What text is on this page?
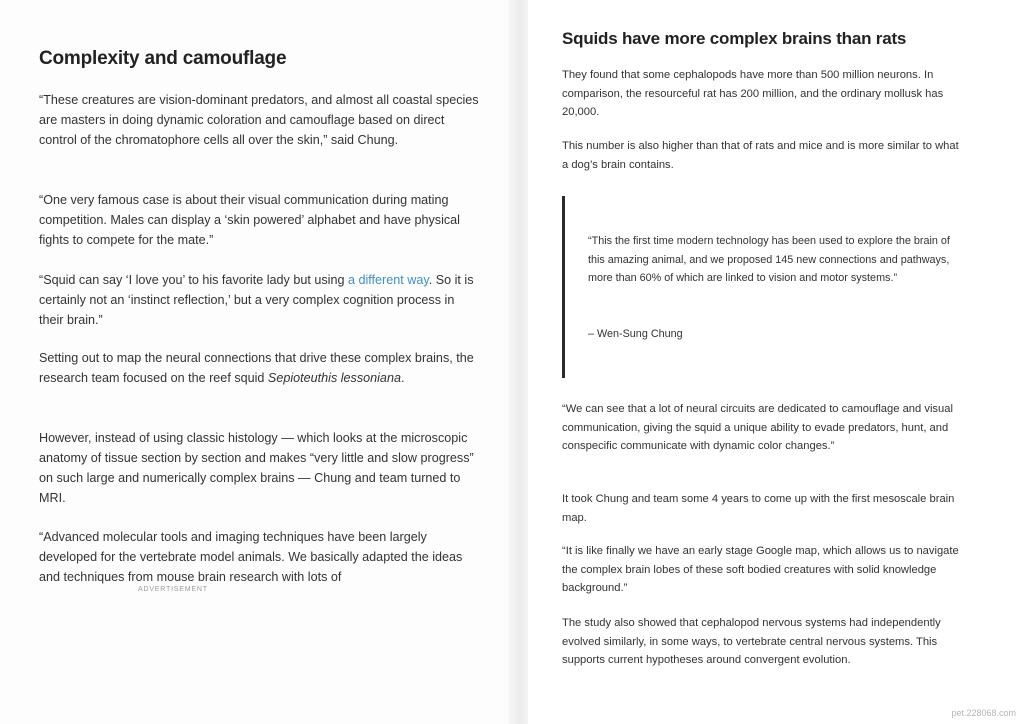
Complexity and camouflage

“These creatures are vision-dominant predators, and almost all coastal species are masters in doing dynamic coloration and camouflage based on direct control of the chromatophore cells all over the skin,” said Chung.

“One very famous case is about their visual communication during mating competition. Males can display a ‘skin powered’ alphabet and have physical fights to compete for the mate.”

“Squid can say ‘I love you’ to his favorite lady but using a different way. So it is certainly not an ‘instinct reflection,’ but a very complex cognition process in their brain.”

Setting out to map the neural connections that drive these complex brains, the research team focused on the reef squid Sepioteuthis lessoniana.

However, instead of using classic histology — which looks at the microscopic anatomy of tissue section by section and makes “very little and slow progress” on such large and numerically complex brains — Chung and team turned to MRI.

“Advanced molecular tools and imaging techniques have been largely developed for the vertebrate model animals. We basically adapted the ideas and techniques from mouse brain research with lots of

ADVERTISEMENT
Squids have more complex brains than rats

They found that some cephalopods have more than 500 million neurons. In comparison, the resourceful rat has 200 million, and the ordinary mollusk has 20,000.

This number is also higher than that of rats and mice and is more similar to what a dog’s brain contains.

“This the first time modern technology has been used to explore the brain of this amazing animal, and we proposed 145 new connections and pathways, more than 60% of which are linked to vision and motor systems.”

– Wen-Sung Chung

“We can see that a lot of neural circuits are dedicated to camouflage and visual communication, giving the squid a unique ability to evade predators, hunt, and conspecific communicate with dynamic color changes.”

It took Chung and team some 4 years to come up with the first mesoscale brain map.

“It is like finally we have an early stage Google map, which allows us to navigate the complex brain lobes of these soft bodied creatures with solid knowledge background.”

The study also showed that cephalopod nervous systems had independently evolved similarly, in some ways, to vertebrate central nervous systems. This supports current hypotheses around convergent evolution.

pet.228068.com
